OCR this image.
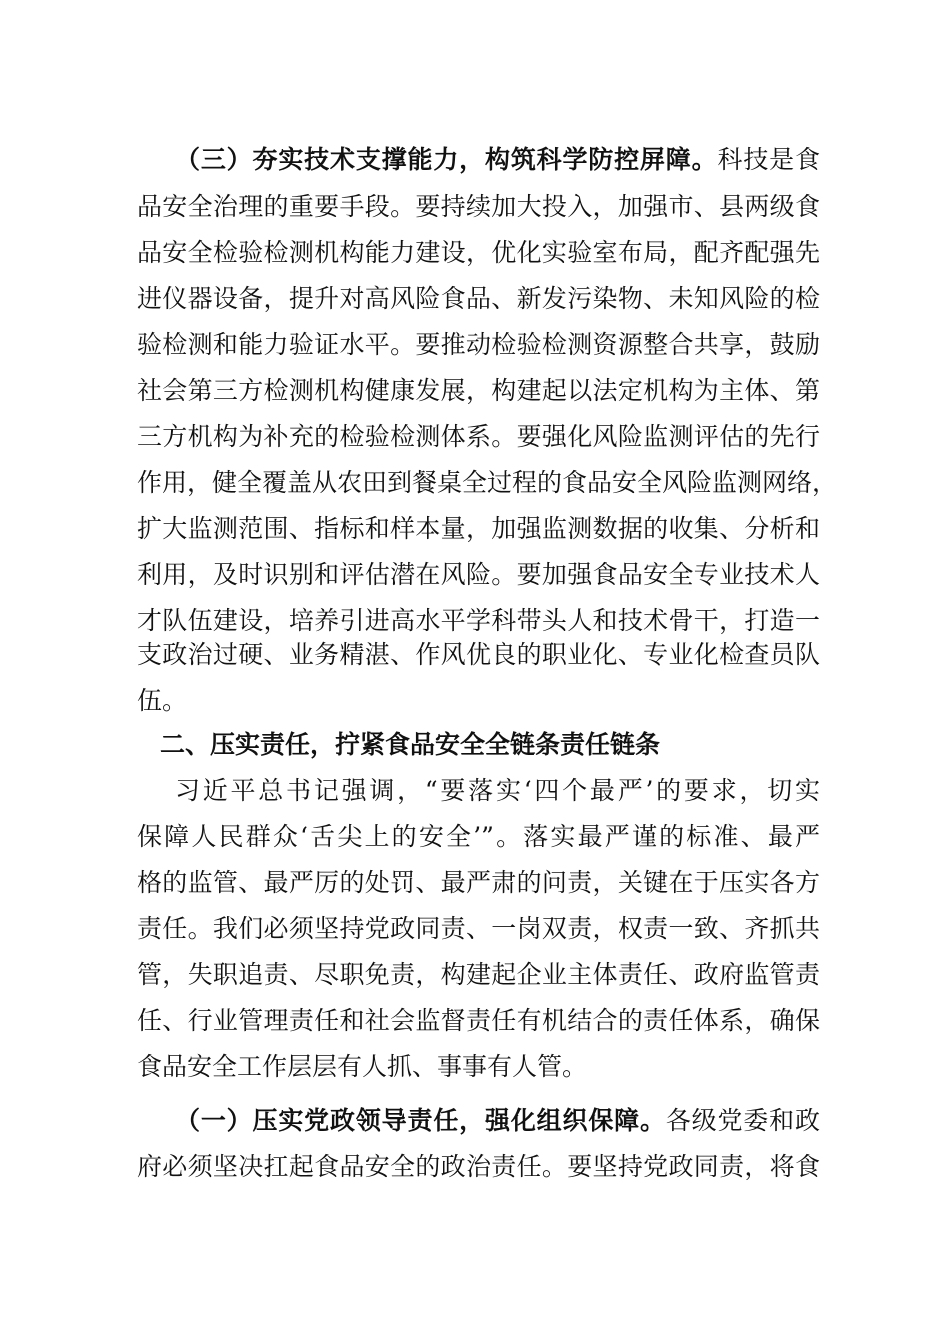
（三）夯实技术支撑能力，构筑科学防控屏障。科技是食
品安全治理的重要手段。要持续加大投入，加强市、县两级食
品安全检验检测机构能力建设，优化实验室布局，配齐配强先
进仪器设备，提升对高风险食品、新发污染物、未知风险的检
验检测和能力验证水平。要推动检验检测资源整合共享，鼓励
社会第三方检测机构健康发展，构建起以法定机构为主体、第
三方机构为补充的检验检测体系。要强化风险监测评估的先行
作用，健全覆盖从农田到餐桌全过程的食品安全风险监测网络，
扩大监测范围、指标和样本量，加强监测数据的收集、分析和
利用，及时识别和评估潜在风险。要加强食品安全专业技术人
才队伍建设，培养引进高水平学科带头人和技术骨干，打造一
支政治过硬、业务精湛、作风优良的职业化、专业化检查员队
伍。
二、压实责任，拧紧食品安全全链条责任链条
习近平总书记强调，“要落实‘四个最严’的要求，切实
保障人民群众‘舌尖上的安全’”。落实最严谨的标准、最严
格的监管、最严厉的处罚、最严肃的问责，关键在于压实各方
责任。我们必须坚持党政同责、一岗双责，权责一致、齐抓共
管，失职追责、尽职免责，构建起企业主体责任、政府监管责
任、行业管理责任和社会监督责任有机结合的责任体系，确保
食品安全工作层层有人抓、事事有人管。
（一）压实党政领导责任，强化组织保障。各级党委和政
府必须坚决扛起食品安全的政治责任。要坚持党政同责，将食
